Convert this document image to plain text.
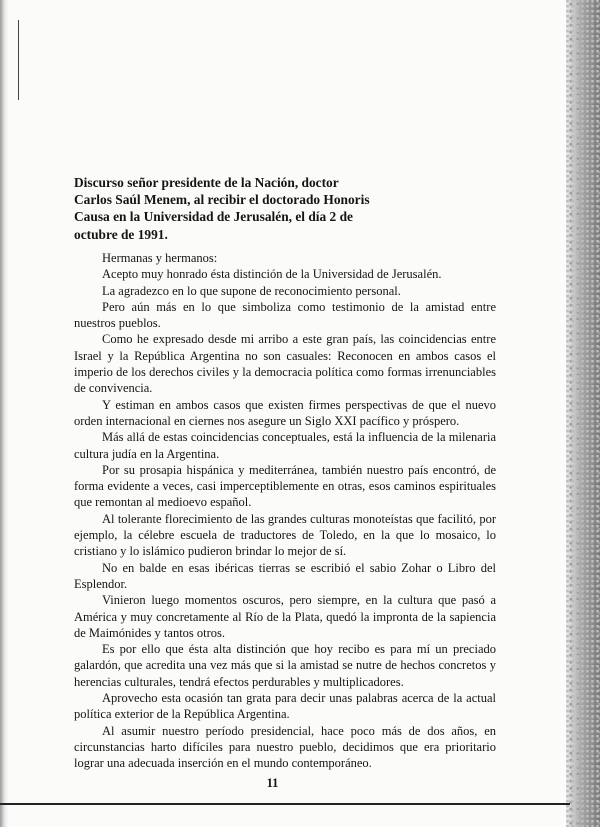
Discurso señor presidente de la Nación, doctor Carlos Saúl Menem, al recibir el doctorado Honoris Causa en la Universidad de Jerusalén, el día 2 de octubre de 1991.

Hermanas y hermanos:

Acepto muy honrado ésta distinción de la Universidad de Jerusalén.

La agradezco en lo que supone de reconocimiento personal.

Pero aún más en lo que simboliza como testimonio de la amistad entre nuestros pueblos.

Como he expresado desde mi arribo a este gran país, las coincidencias entre Israel y la República Argentina no son casuales: Reconocen en ambos casos el imperio de los derechos civiles y la democracia política como formas irrenunciables de convivencia.

Y estiman en ambos casos que existen firmes perspectivas de que el nuevo orden internacional en ciernes nos asegure un Siglo XXI pacífico y próspero.

Más allá de estas coincidencias conceptuales, está la influencia de la milenaria cultura judía en la Argentina.

Por su prosapia hispánica y mediterránea, también nuestro país encontró, de forma evidente a veces, casi imperceptiblemente en otras, esos caminos espirituales que remontan al medioevo español.

Al tolerante florecimiento de las grandes culturas monoteístas que facilitó, por ejemplo, la célebre escuela de traductores de Toledo, en la que lo mosaico, lo cristiano y lo islámico pudieron brindar lo mejor de sí.

No en balde en esas ibéricas tierras se escribió el sabio Zohar o Libro del Esplendor.

Vinieron luego momentos oscuros, pero siempre, en la cultura que pasó a América y muy concretamente al Río de la Plata, quedó la impronta de la sapiencia de Maimónides y tantos otros.

Es por ello que ésta alta distinción que hoy recibo es para mí un preciado galardón, que acredita una vez más que si la amistad se nutre de hechos concretos y herencias culturales, tendrá efectos perdurables y multiplicadores.

Aprovecho esta ocasión tan grata para decir unas palabras acerca de la actual política exterior de la República Argentina.

Al asumir nuestro período presidencial, hace poco más de dos años, en circunstancias harto difíciles para nuestro pueblo, decidimos que era prioritario lograr una adecuada inserción en el mundo contemporáneo.

11
